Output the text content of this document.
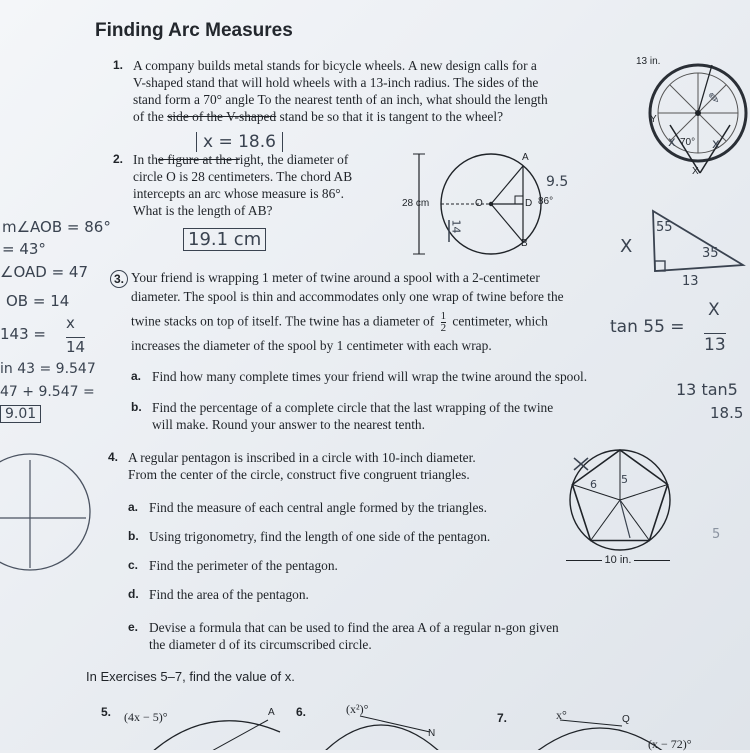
Finding Arc Measures
1. A company builds metal stands for bicycle wheels. A new design calls for a
V-shaped stand that will hold wheels with a 13-inch radius. The sides of the
stand form a 70° angle To the nearest tenth of an inch, what should the length
of the side of the V-shaped stand be so that it is tangent to the wheel?
✎
13 in.
70°
Y
X
x	x
x = 18.6
2. In the figure at the right, the diameter of
circle O is 28 centimeters. The chord AB
intercepts an arc whose measure is 86°.
What is the length of AB?
19.1 cm
28 cm	O
A
B
D 86°
9.5
14
m∠AOB = 86°
= 43°
∠OAD = 47
OB = 14
143 =
x
14
in 43 = 9.547
47 + 9.547 =
9.01
3. Your friend is wrapping 1 meter of twine around a spool with a 2-centimeter
diameter. The spool is thin and accommodates only one wrap of twine before the
twine stacks on top of itself. The twine has a diameter of $\frac{1}{2}$ centimeter, which
increases the diameter of the spool by 1 centimeter with each wrap.
a. Find how many complete times your friend will wrap the twine around the spool.
b. Find the percentage of a complete circle that the last wrapping of the twine
will make. Round your answer to the nearest tenth.
55
35
13
X
tan 55 =
X
13
13 tan5
18.5
4. A regular pentagon is inscribed in a circle with 10-inch diameter.
From the center of the circle, construct five congruent triangles.
a. Find the measure of each central angle formed by the triangles.
b. Using trigonometry, find the length of one side of the pentagon.
c. Find the perimeter of the pentagon.
d. Find the area of the pentagon.
e. Devise a formula that can be used to find the area A of a regular n-gon given
the diameter d of its circumscribed circle.
6 5
5
10 in.
In Exercises 5–7, find the value of x.
5. (4x − 5)°	A 6.	(x²)°
N
7.	x°	Q
(x − 72)°
